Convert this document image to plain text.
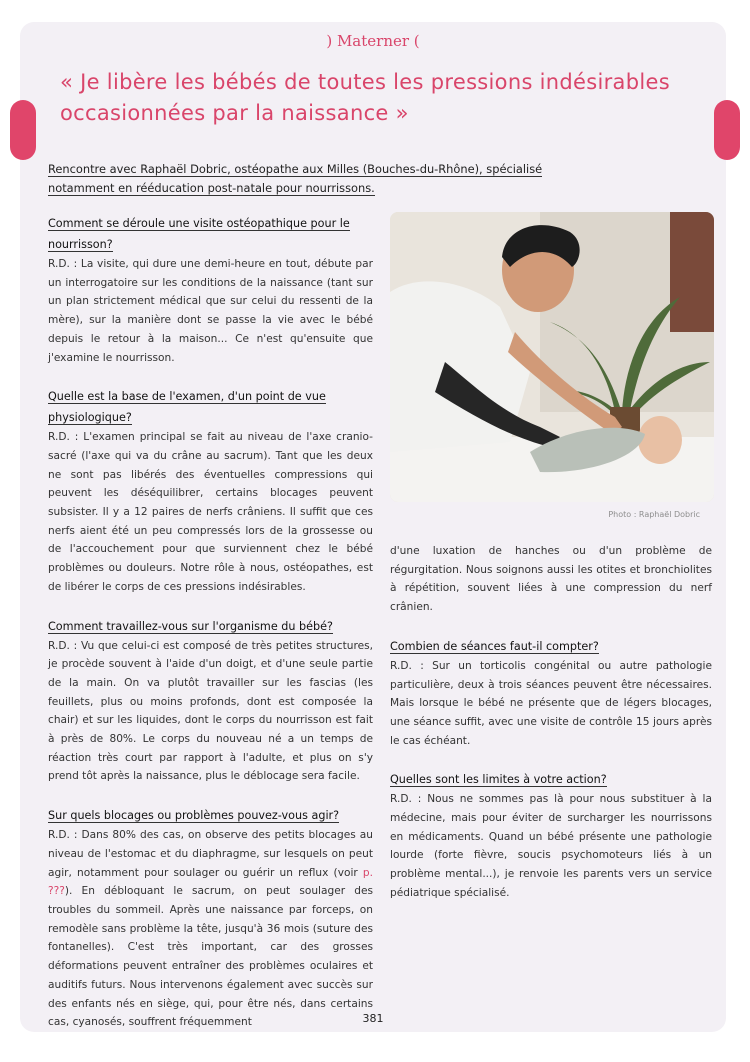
) Materner (
« Je libère les bébés de toutes les pressions indésirables occasionnées par la naissance »

Rencontre avec Raphaël Dobric, ostéopathe aux Milles (Bouches-du-Rhône), spécialisé notamment en rééducation post-natale pour nourrissons.

Comment se déroule une visite ostéopathique pour le nourrisson?

R.D. : La visite, qui dure une demi-heure en tout, débute par un interrogatoire sur les conditions de la naissance (tant sur un plan strictement médical que sur celui du ressenti de la mère), sur la manière dont se passe la vie avec le bébé depuis le retour à la maison... Ce n'est qu'ensuite que j'examine le nourrisson.

Quelle est la base de l'examen, d'un point de vue physiologique?

R.D. : L'examen principal se fait au niveau de l'axe cranio-sacré (l'axe qui va du crâne au sacrum). Tant que les deux ne sont pas libérés des éventuelles compressions qui peuvent les déséquilibrer, certains blocages peuvent subsister. Il y a 12 paires de nerfs crâniens. Il suffit que ces nerfs aient été un peu compressés lors de la grossesse ou de l'accouchement pour que surviennent chez le bébé problèmes ou douleurs. Notre rôle à nous, ostéopathes, est de libérer le corps de ces pressions indésirables.

Comment travaillez-vous sur l'organisme du bébé?

R.D. : Vu que celui-ci est composé de très petites structures, je procède souvent à l'aide d'un doigt, et d'une seule partie de la main. On va plutôt travailler sur les fascias (les feuillets, plus ou moins profonds, dont est composée la chair) et sur les liquides, dont le corps du nourrisson est fait à près de 80%. Le corps du nouveau né a un temps de réaction très court par rapport à l'adulte, et plus on s'y prend tôt après la naissance, plus le déblocage sera facile.

Sur quels blocages ou problèmes pouvez-vous agir?

R.D. : Dans 80% des cas, on observe des petits blocages au niveau de l'estomac et du diaphragme, sur lesquels on peut agir, notamment pour soulager ou guérir un reflux (voir p. ???). En débloquant le sacrum, on peut soulager des troubles du sommeil. Après une naissance par forceps, on remodèle sans problème la tête, jusqu'à 36 mois (suture des fontanelles). C'est très important, car des grosses déformations peuvent entraîner des problèmes oculaires et auditifs futurs. Nous intervenons également avec succès sur des enfants nés en siège, qui, pour être nés, dans certains cas, cyanosés, souffrent fréquemment

Photo : Raphaël Dobric

d'une luxation de hanches ou d'un problème de régurgitation. Nous soignons aussi les otites et bronchiolites à répétition, souvent liées à une compression du nerf crânien.

Combien de séances faut-il compter?

R.D. : Sur un torticolis congénital ou autre pathologie particulière, deux à trois séances peuvent être nécessaires. Mais lorsque le bébé ne présente que de légers blocages, une séance suffit, avec une visite de contrôle 15 jours après le cas échéant.

Quelles sont les limites à votre action?

R.D. : Nous ne sommes pas là pour nous substituer à la médecine, mais pour éviter de surcharger les nourrissons en médicaments. Quand un bébé présente une pathologie lourde (forte fièvre, soucis psychomoteurs liés à un problème mental...), je renvoie les parents vers un service pédiatrique spécialisé.

381
